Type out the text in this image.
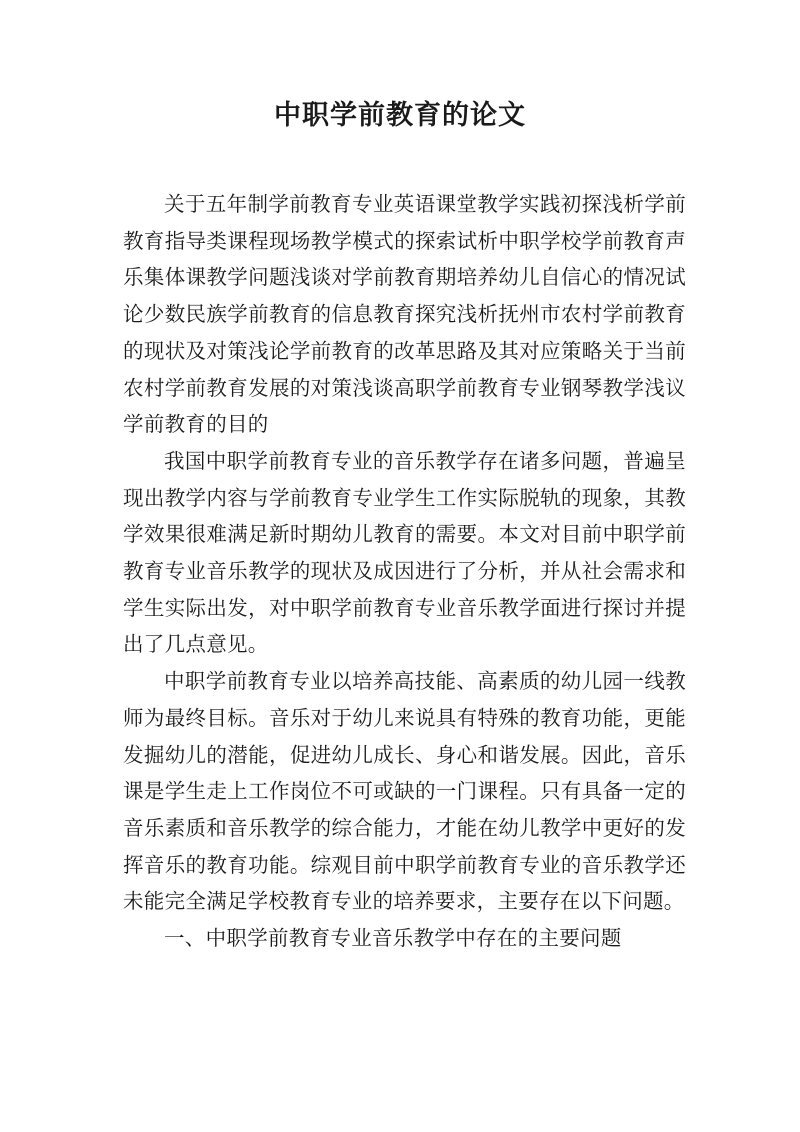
中职学前教育的论文

关于五年制学前教育专业英语课堂教学实践初探浅析学前教育指导类课程现场教学模式的探索试析中职学校学前教育声乐集体课教学问题浅谈对学前教育期培养幼儿自信心的情况试论少数民族学前教育的信息教育探究浅析抚州市农村学前教育的现状及对策浅论学前教育的改革思路及其对应策略关于当前农村学前教育发展的对策浅谈高职学前教育专业钢琴教学浅议学前教育的目的

我国中职学前教育专业的音乐教学存在诸多问题，普遍呈现出教学内容与学前教育专业学生工作实际脱轨的现象，其教学效果很难满足新时期幼儿教育的需要。本文对目前中职学前教育专业音乐教学的现状及成因进行了分析，并从社会需求和学生实际出发，对中职学前教育专业音乐教学面进行探讨并提出了几点意见。

中职学前教育专业以培养高技能、高素质的幼儿园一线教师为最终目标。音乐对于幼儿来说具有特殊的教育功能，更能发掘幼儿的潜能，促进幼儿成长、身心和谐发展。因此，音乐课是学生走上工作岗位不可或缺的一门课程。只有具备一定的音乐素质和音乐教学的综合能力，才能在幼儿教学中更好的发挥音乐的教育功能。综观目前中职学前教育专业的音乐教学还未能完全满足学校教育专业的培养要求，主要存在以下问题。

一、中职学前教育专业音乐教学中存在的主要问题
